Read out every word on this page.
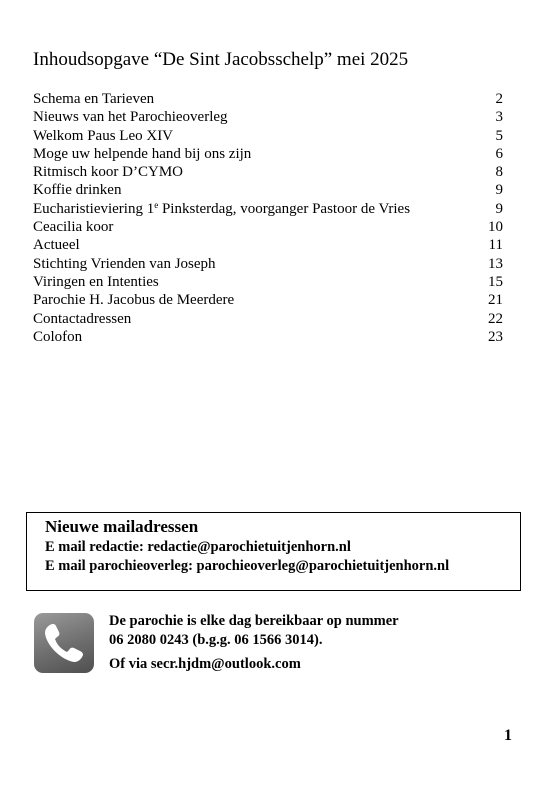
Inhoudsopgave “De Sint Jacobsschelp” mei 2025
Schema en Tarieven	2
Nieuws van het Parochieoverleg	3
Welkom Paus Leo XIV	5
Moge uw helpende hand bij ons zijn	6
Ritmisch koor D’CYMO	8
Koffie drinken	9
Eucharistieviering 1e Pinksterdag, voorganger Pastoor de Vries	9
Ceacilia koor	10
Actueel	11
Stichting Vrienden van Joseph	13
Viringen en Intenties	15
Parochie H. Jacobus de Meerdere	21
Contactadressen	22
Colofon	23
Nieuwe mailadressen
E mail redactie: redactie@parochietuitjenhorn.nl
E mail parochieoverleg: parochieoverleg@parochietuitjenhorn.nl
De parochie is elke dag bereikbaar op nummer
06 2080 0243 (b.g.g. 06 1566 3014).
Of via secr.hjdm@outlook.com
1
